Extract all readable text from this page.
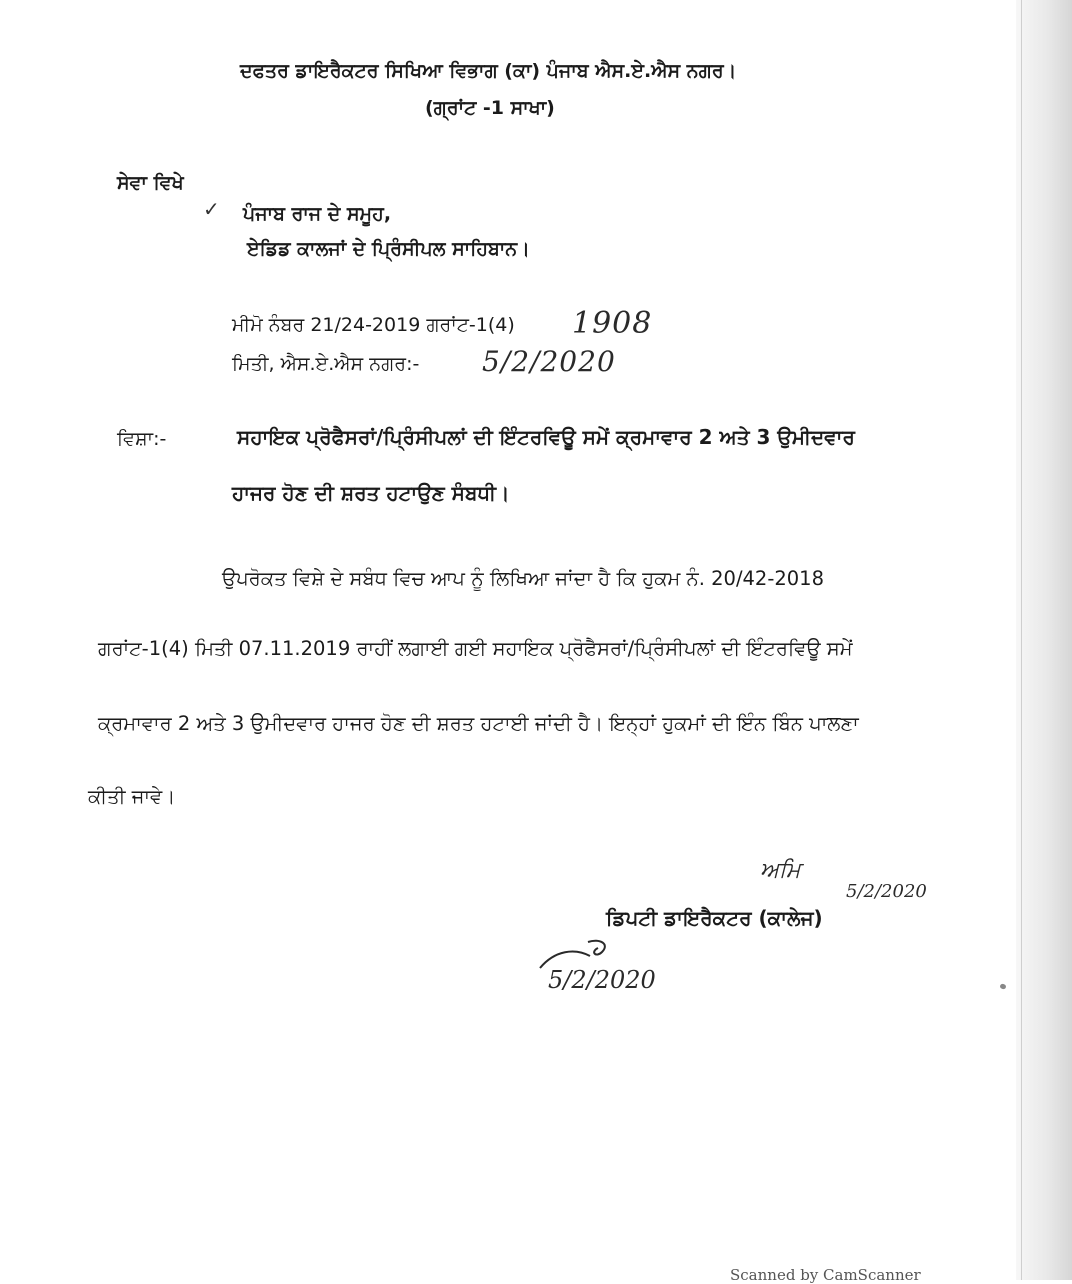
ਦਫਤਰ ਡਾਇਰੈਕਟਰ ਸਿਖਿਆ ਵਿਭਾਗ (ਕਾ) ਪੰਜਾਬ ਐਸ.ਏ.ਐਸ ਨਗਰ।
(ਗ੍ਰਾਂਟ -1 ਸਾਖਾ)
ਸੇਵਾ ਵਿਖੇ
✓ ਪੰਜਾਬ ਰਾਜ ਦੇ ਸਮੂਹ,
ਏਡਿਡ ਕਾਲਜਾਂ ਦੇ ਪ੍ਰਿੰਸੀਪਲ ਸਾਹਿਬਾਨ।
ਮੀਮੋ ਨੰਬਰ 21/24-2019 ਗਰਾਂਟ-1(4) 1908
ਮਿਤੀ, ਐਸ.ਏ.ਐਸ ਨਗਰ:- 5/2/2020
ਵਿਸ਼ਾ:-	ਸਹਾਇਕ ਪ੍ਰੋਫੈਸਰਾਂ/ਪ੍ਰਿੰਸੀਪਲਾਂ ਦੀ ਇੰਟਰਵਿਊ ਸਮੇਂ ਕ੍ਰਮਾਵਾਰ 2 ਅਤੇ 3 ਉਮੀਦਵਾਰ
ਹਾਜਰ ਹੋਣ ਦੀ ਸ਼ਰਤ ਹਟਾਉਣ ਸੰਬਧੀ।
ਉਪਰੋਕਤ ਵਿਸ਼ੇ ਦੇ ਸਬੰਧ ਵਿਚ ਆਪ ਨੂੰ ਲਿਖਿਆ ਜਾਂਦਾ ਹੈ ਕਿ ਹੁਕਮ ਨੰ. 20/42-2018
ਗਰਾਂਟ-1(4) ਮਿਤੀ 07.11.2019 ਰਾਹੀਂ ਲਗਾਈ ਗਈ ਸਹਾਇਕ ਪ੍ਰੋਫੈਸਰਾਂ/ਪ੍ਰਿੰਸੀਪਲਾਂ ਦੀ ਇੰਟਰਵਿਊ ਸਮੇਂ
ਕ੍ਰਮਾਵਾਰ 2 ਅਤੇ 3 ਉਮੀਦਵਾਰ ਹਾਜਰ ਹੋਣ ਦੀ ਸ਼ਰਤ ਹਟਾਈ ਜਾਂਦੀ ਹੈ। ਇਨ੍ਹਾਂ ਹੁਕਮਾਂ ਦੀ ਇੰਨ ਬਿੰਨ ਪਾਲਣਾ
ਕੀਤੀ ਜਾਵੇ।
ਅਮਿ
5/2/2020
ਡਿਪਟੀ ਡਾਇਰੈਕਟਰ (ਕਾਲੇਜ)
5/2/2020
Scanned by CamScanner
